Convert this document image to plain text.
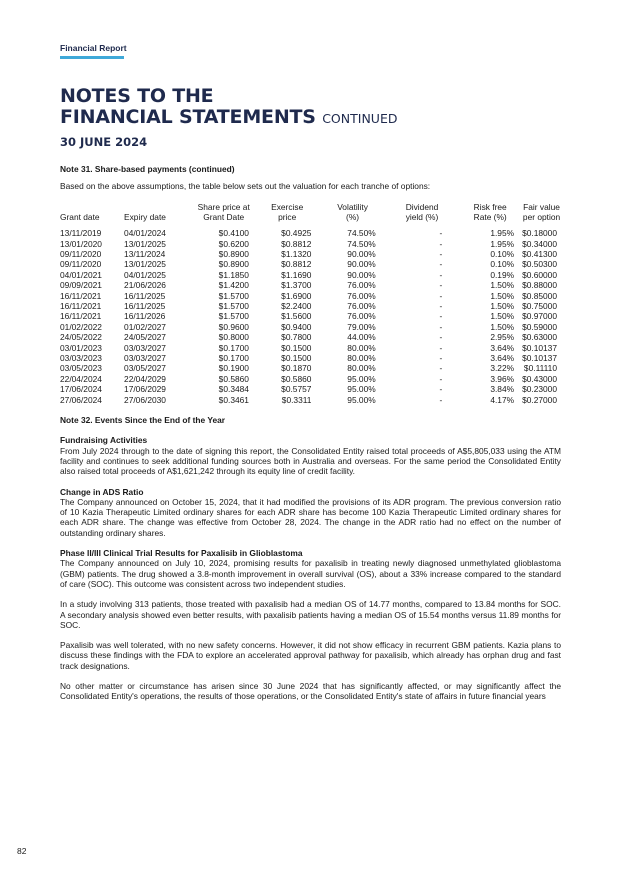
Financial Report
NOTES TO THE
FINANCIAL STATEMENTS CONTINUED
30 JUNE 2024

Note 31. Share-based payments (continued)

Based on the above assumptions, the table below sets out the valuation for each tranche of options:

		Share price at	Exercise	Volatility	Dividend	Risk free	Fair value
Grant date	Expiry date	Grant Date	price	(%)	yield (%)	Rate (%)	per option

13/11/2019	04/01/2024	$0.4100	$0.4925	74.50%	-	1.95%	$0.18000
13/01/2020	13/01/2025	$0.6200	$0.8812	74.50%	-	1.95%	$0.34000
09/11/2020	13/11/2024	$0.8900	$1.1320	90.00%	-	0.10%	$0.41300
09/11/2020	13/01/2025	$0.8900	$0.8812	90.00%	-	0.10%	$0.50300
04/01/2021	04/01/2025	$1.1850	$1.1690	90.00%	-	0.19%	$0.60000
09/09/2021	21/06/2026	$1.4200	$1.3700	76.00%	-	1.50%	$0.88000
16/11/2021	16/11/2025	$1.5700	$1.6900	76.00%	-	1.50%	$0.85000
16/11/2021	16/11/2025	$1.5700	$2.2400	76.00%	-	1.50%	$0.75000
16/11/2021	16/11/2026	$1.5700	$1.5600	76.00%	-	1.50%	$0.97000
01/02/2022	01/02/2027	$0.9600	$0.9400	79.00%	-	1.50%	$0.59000
24/05/2022	24/05/2027	$0.8000	$0.7800	44.00%	-	2.95%	$0.63000
03/01/2023	03/03/2027	$0.1700	$0.1500	80.00%	-	3.64%	$0.10137
03/03/2023	03/03/2027	$0.1700	$0.1500	80.00%	-	3.64%	$0.10137
03/05/2023	03/05/2027	$0.1900	$0.1870	80.00%	-	3.22%	$0.11110
22/04/2024	22/04/2029	$0.5860	$0.5860	95.00%	-	3.96%	$0.43000
17/06/2024	17/06/2029	$0.3484	$0.5757	95.00%	-	3.84%	$0.23000
27/06/2024	27/06/2030	$0.3461	$0.3311	95.00%	-	4.17%	$0.27000

Note 32. Events Since the End of the Year

Fundraising Activities

From July 2024 through to the date of signing this report, the Consolidated Entity raised total proceeds of A$5,805,033 using the ATM facility and continues to seek additional funding sources both in Australia and overseas. For the same period the Consolidated Entity also raised total proceeds of A$1,621,242 through its equity line of credit facility.

Change in ADS Ratio

The Company announced on October 15, 2024, that it had modified the provisions of its ADR program. The previous conversion ratio of 10 Kazia Therapeutic Limited ordinary shares for each ADR share has become 100 Kazia Therapeutic Limited ordinary shares for each ADR share. The change was effective from October 28, 2024. The change in the ADR ratio had no effect on the number of outstanding ordinary shares.

Phase II/III Clinical Trial Results for Paxalisib in Glioblastoma

The Company announced on July 10, 2024, promising results for paxalisib in treating newly diagnosed unmethylated glioblastoma (GBM) patients. The drug showed a 3.8-month improvement in overall survival (OS), about a 33% increase compared to the standard of care (SOC). This outcome was consistent across two independent studies.

In a study involving 313 patients, those treated with paxalisib had a median OS of 14.77 months, compared to 13.84 months for SOC. A secondary analysis showed even better results, with paxalisib patients having a median OS of 15.54 months versus 11.89 months for SOC.

Paxalisib was well tolerated, with no new safety concerns. However, it did not show efficacy in recurrent GBM patients. Kazia plans to discuss these findings with the FDA to explore an accelerated approval pathway for paxalisib, which already has orphan drug and fast track designations.

No other matter or circumstance has arisen since 30 June 2024 that has significantly affected, or may significantly affect the Consolidated Entity's operations, the results of those operations, or the Consolidated Entity's state of affairs in future financial years

82
